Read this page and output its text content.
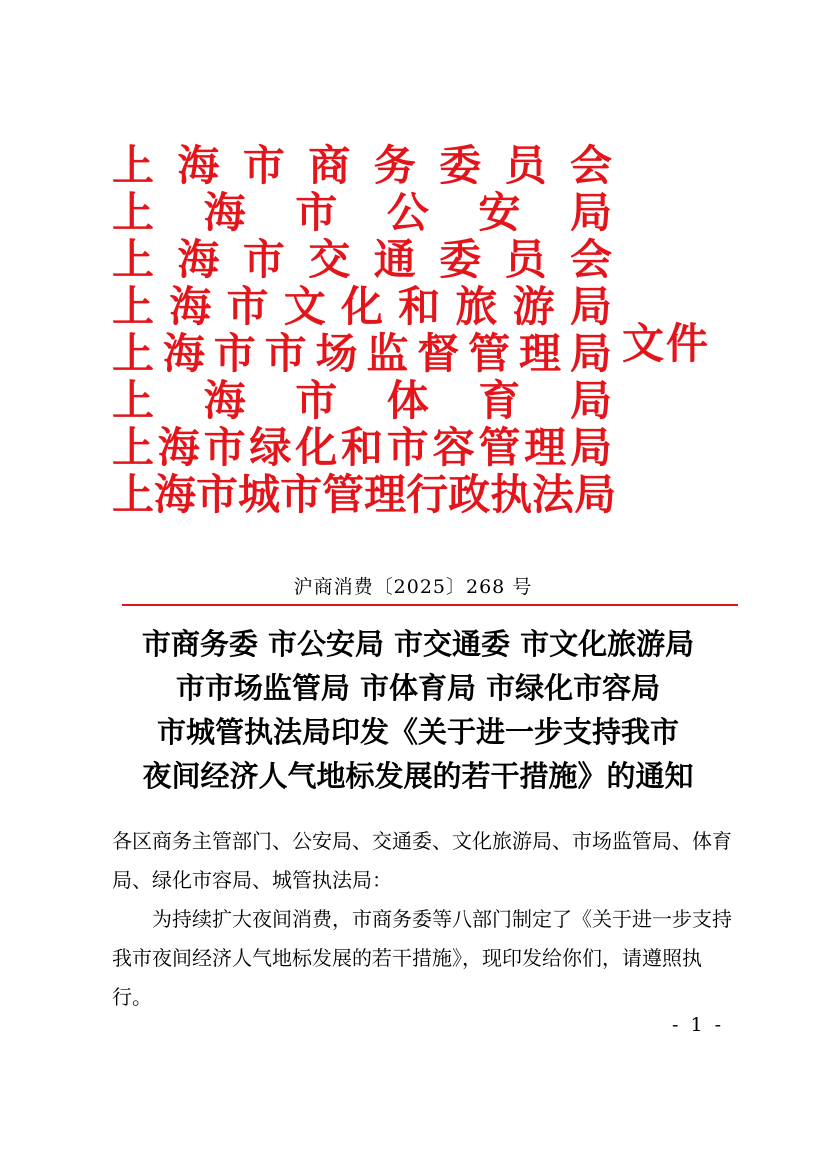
上 海 市 商 务 委 员 会
上 海 市 公 安 局
上 海 市 交 通 委 员 会
上 海 市 文 化 和 旅 游 局
上 海 市 市 场 监 督 管 理 局
上 海 市 体 育 局
上 海 市 绿 化 和 市 容 管 理 局
上 海 市 城 市 管 理 行 政 执 法 局
文件
沪商消费〔2025〕268 号
市商务委 市公安局 市交通委 市文化旅游局
市市场监管局 市体育局 市绿化市容局
市城管执法局印发《关于进一步支持我市
夜间经济人气地标发展的若干措施》的通知

各区商务主管部门、公安局、交通委、文化旅游局、市场监管局、体育局、绿化市容局、城管执法局：

为持续扩大夜间消费，市商务委等八部门制定了《关于进一步支持我市夜间经济人气地标发展的若干措施》，现印发给你们，请遵照执行。

- 1 -
